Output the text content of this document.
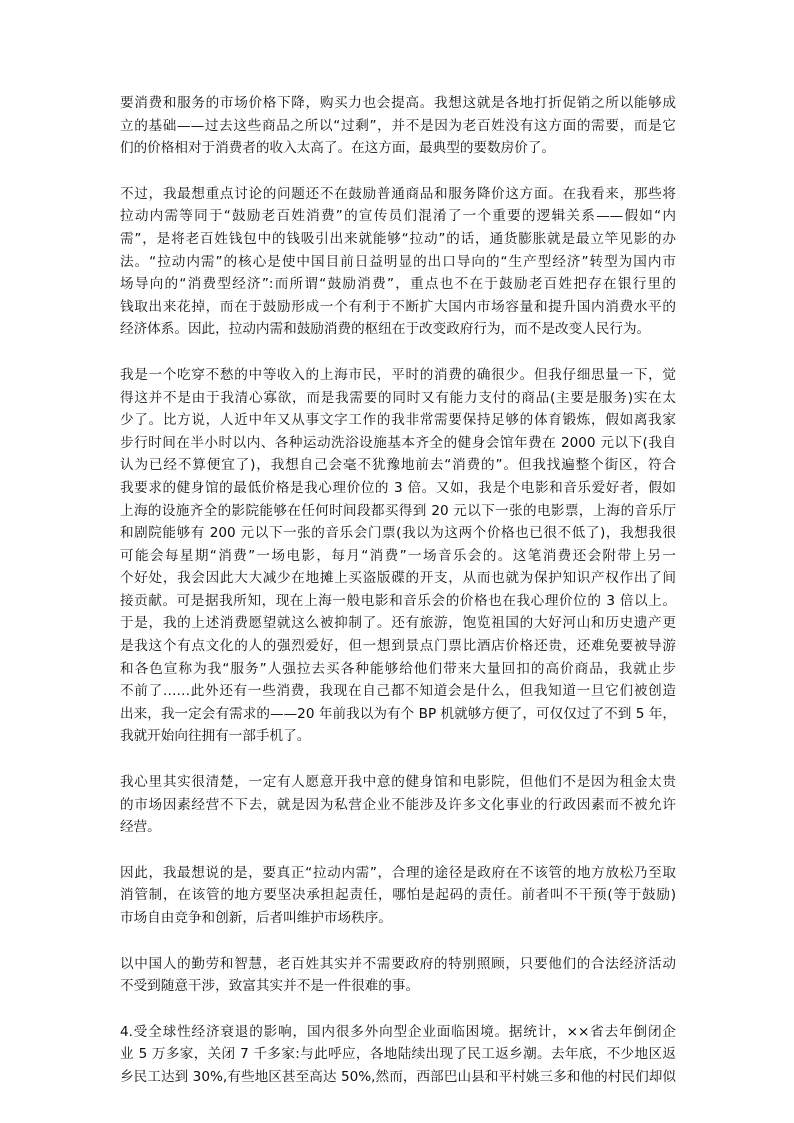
要消费和服务的市场价格下降，购买力也会提高。我想这就是各地打折促销之所以能够成
立的基础——过去这些商品之所以“过剩”，并不是因为老百姓没有这方面的需要，而是它
们的价格相对于消费者的收入太高了。在这方面，最典型的要数房价了。
不过，我最想重点讨论的问题还不在鼓励普通商品和服务降价这方面。在我看来，那些将
拉动内需等同于“鼓励老百姓消费”的宣传员们混淆了一个重要的逻辑关系——假如“内
需”，是将老百姓钱包中的钱吸引出来就能够“拉动”的话，通货膨胀就是最立竿见影的办
法。“拉动内需”的核心是使中国目前日益明显的出口导向的“生产型经济”转型为国内市
场导向的“消费型经济”:而所谓“鼓励消费”，重点也不在于鼓励老百姓把存在银行里的
钱取出来花掉，而在于鼓励形成一个有利于不断扩大国内市场容量和提升国内消费水平的
经济体系。因此，拉动内需和鼓励消费的枢纽在于改变政府行为，而不是改变人民行为。
我是一个吃穿不愁的中等收入的上海市民，平时的消费的确很少。但我仔细思量一下，觉
得这并不是由于我清心寡欲，而是我需要的同时又有能力支付的商品(主要是服务)实在太
少了。比方说，人近中年又从事文字工作的我非常需要保持足够的体育锻炼，假如离我家
步行时间在半小时以内、各种运动洗浴设施基本齐全的健身会馆年费在 2000 元以下(我自
认为已经不算便宜了)，我想自己会毫不犹豫地前去“消费的”。但我找遍整个街区，符合
我要求的健身馆的最低价格是我心理价位的 3 倍。又如，我是个电影和音乐爱好者，假如
上海的设施齐全的影院能够在任何时间段都买得到 20 元以下一张的电影票，上海的音乐厅
和剧院能够有 200 元以下一张的音乐会门票(我以为这两个价格也已很不低了)，我想我很
可能会每星期“消费”一场电影，每月“消费”一场音乐会的。这笔消费还会附带上另一
个好处，我会因此大大减少在地摊上买盗版碟的开支，从而也就为保护知识产权作出了间
接贡献。可是据我所知，现在上海一般电影和音乐会的价格也在我心理价位的 3 倍以上。
于是，我的上述消费愿望就这么被抑制了。还有旅游，饱览祖国的大好河山和历史遗产更
是我这个有点文化的人的强烈爱好，但一想到景点门票比酒店价格还贵，还难免要被导游
和各色宣称为我“服务”人强拉去买各种能够给他们带来大量回扣的高价商品，我就止步
不前了……此外还有一些消费，我现在自己都不知道会是什么，但我知道一旦它们被创造
出来，我一定会有需求的——20 年前我以为有个 BP 机就够方便了，可仅仅过了不到 5 年，
我就开始向往拥有一部手机了。
我心里其实很清楚，一定有人愿意开我中意的健身馆和电影院，但他们不是因为租金太贵
的市场因素经营不下去，就是因为私营企业不能涉及许多文化事业的行政因素而不被允许
经营。
因此，我最想说的是，要真正“拉动内需”，合理的途径是政府在不该管的地方放松乃至取
消管制，在该管的地方要坚决承担起责任，哪怕是起码的责任。前者叫不干预(等于鼓励)
市场自由竞争和创新，后者叫维护市场秩序。
以中国人的勤劳和智慧，老百姓其实并不需要政府的特别照顾，只要他们的合法经济活动
不受到随意干涉，致富其实并不是一件很难的事。
4.受全球性经济衰退的影响，国内很多外向型企业面临困境。据统计，××省去年倒闭企
业 5 万多家，关闭 7 千多家:与此呼应，各地陆续出现了民工返乡潮。去年底，不少地区返
乡民工达到 30%,有些地区甚至高达 50%,然而，西部巴山县和平村姚三多和他的村民们却似
